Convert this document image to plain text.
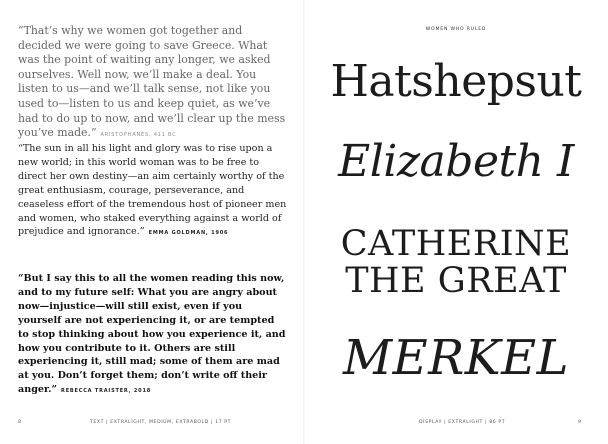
“That’s why we women got together and decided we were going to save Greece. What was the point of waiting any longer, we asked ourselves. Well now, we’ll make a deal. You listen to us—and we’ll talk sense, not like you used to—listen to us and keep quiet, as we’ve had to do up to now, and we’ll clear up the mess you’ve made.” ARISTOPHANES, 411 BC

“The sun in all his light and glory was to rise upon a new world; in this world woman was to be free to direct her own destiny—an aim certainly worthy of the great enthusiasm, courage, perseverance, and ceaseless effort of the tremendous host of pioneer men and women, who staked everything against a world of prejudice and ignorance.” EMMA GOLDMAN, 1906

“But I say this to all the women reading this now, and to my future self: What you are angry about now—injustice—will still exist, even if you yourself are not experiencing it, or are tempted to stop thinking about how you experience it, and how you contribute to it. Others are still experiencing it, still mad; some of them are mad at you. Don’t forget them; don’t write off their anger.” REBECCA TRAISTER, 2018

8	TEXT | EXTRALIGHT, MEDIUM, EXTRABOLD | 17 PT
WOMEN WHO RULED
Hatshepsut
Elizabeth I
CATHERINE THE GREAT
MERKEL
DISPLAY | EXTRALIGHT | 86 PT	9
